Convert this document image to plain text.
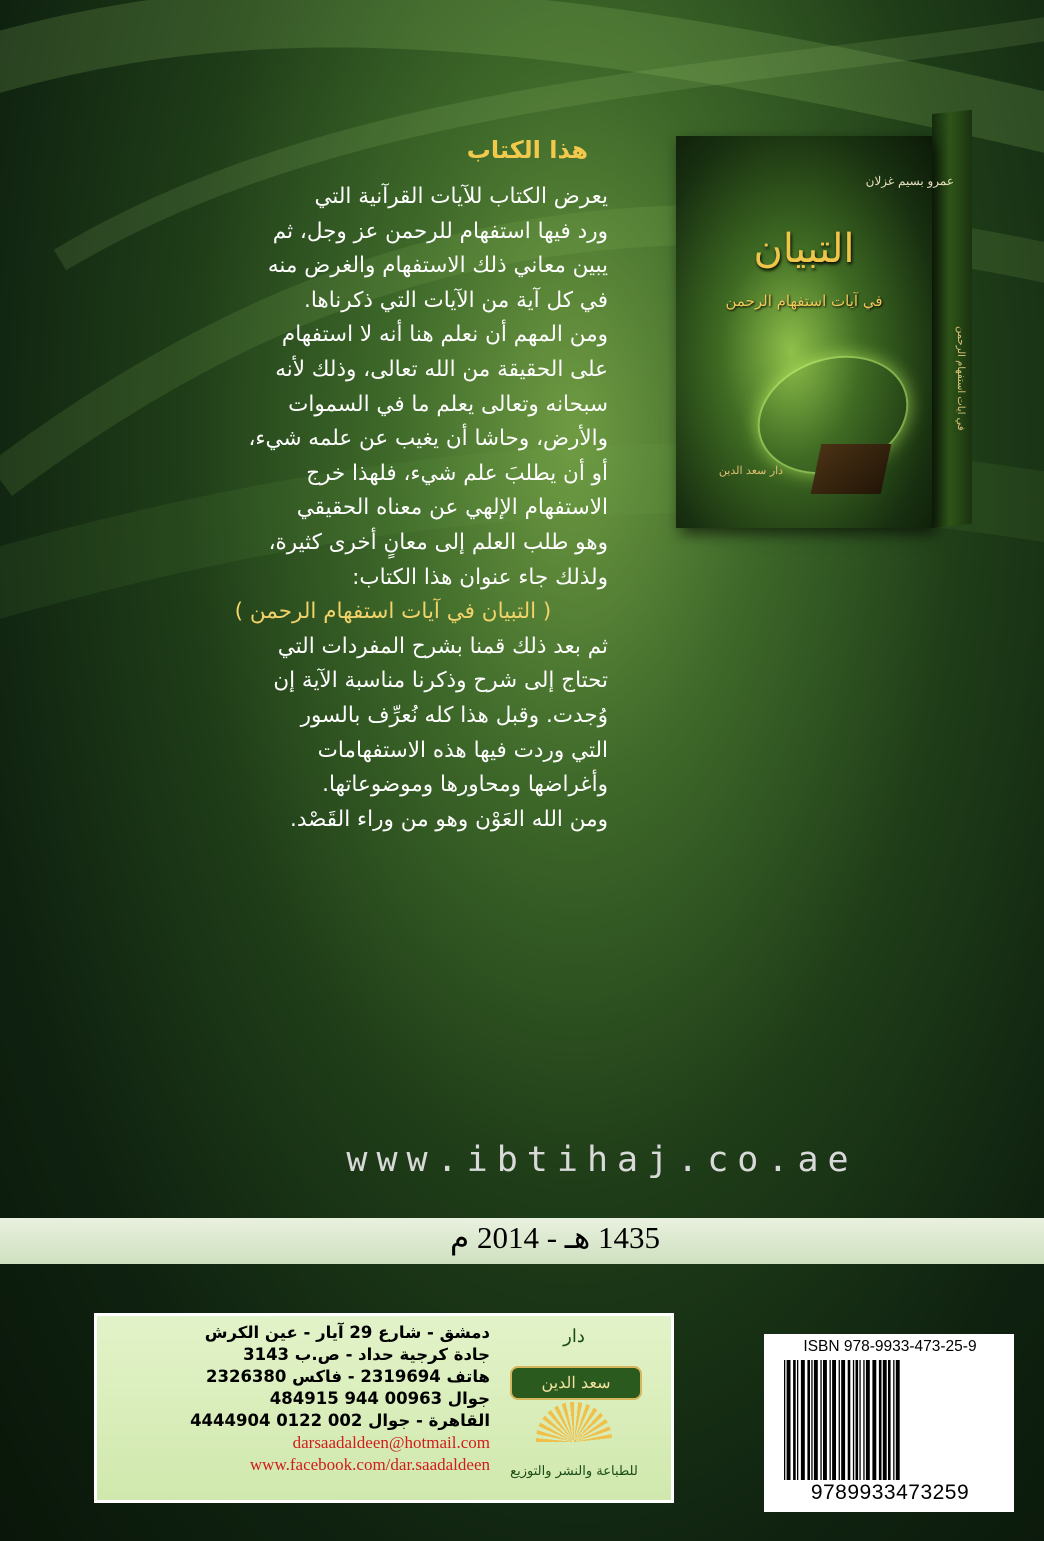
عمرو بسيم غزلان
التبيان
في آيات استفهام الرحمن
دار سعد الدين
في آيات استفهام الرحمن
هذا الكتاب
يعرض الكتاب للآيات القرآنية التي
ورد فيها استفهام للرحمن عز وجل، ثم
يبين معاني ذلك الاستفهام والغرض منه
في كل آية من الآيات التي ذكرناها.
ومن المهم أن نعلم هنا أنه لا استفهام
على الحقيقة من الله تعالى، وذلك لأنه
سبحانه وتعالى يعلم ما في السموات
والأرض، وحاشا أن يغيب عن علمه شيء،
أو أن يطلبَ علم شيء، فلهذا خرج
الاستفهام الإلهي عن معناه الحقيقي
وهو طلب العلم إلى معانٍ أخرى كثيرة،
ولذلك جاء عنوان هذا الكتاب:
( التبيان في آيات استفهام الرحمن )
ثم بعد ذلك قمنا بشرح المفردات التي
تحتاج إلى شرح وذكرنا مناسبة الآية إن
وُجدت. وقبل هذا كله نُعرِّف بالسور
التي وردت فيها هذه الاستفهامات
وأغراضها ومحاورها وموضوعاتها.
ومن الله العَوْن وهو من وراء القَصْد.
www.ibtihaj.co.ae
1435 هـ - 2014 م
دار
سعد الدين
للطباعة والنشر والتوزيع
دمشق - شارع 29 آيار - عين الكرش
جادة كرجية حداد - ص.ب 3143
هاتف 2319694 - فاكس 2326380
جوال 00963 944 484915
القاهرة - جوال 002 0122 4444904
darsaadaldeen@hotmail.com
www.facebook.com/dar.saadaldeen
ISBN 978-9933-473-25-9
9789933473259
